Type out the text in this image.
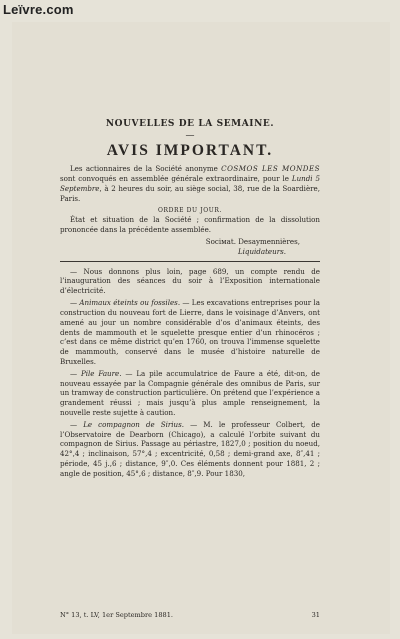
Leïvre.com
NOUVELLES DE LA SEMAINE.
—
AVIS IMPORTANT.

Les actionnaires de la Société anonyme COSMOS LES MONDES sont convoqués en assemblée générale extraordinaire, pour le Lundi 5 Septembre, à 2 heures du soir, au siège social, 38, rue de la Soardière, Paris.

ORDRE DU JOUR.

État et situation de la Société ; confirmation de la dissolution prononcée dans la précédente assemblée.

Sociмat. Desaymennières,
Liquidateurs.

— Nous donnons plus loin, page 689, un compte rendu de l’inauguration des séances du soir à l’Exposition internationale d’électricité.

— Animaux éteints ou fossiles. — Les excavations entreprises pour la construction du nouveau fort de Lierre, dans le voisinage d’Anvers, ont amené au jour un nombre considérable d’os d’animaux éteints, des dents de mammouth et le squelette presque entier d’un rhinocéros ; c’est dans ce même district qu’en 1760, on trouva l’immense squelette de mammouth, conservé dans le musée d’histoire naturelle de Bruxelles.

— Pile Faure. — La pile accumulatrice de Faure a été, dit-on, de nouveau essayée par la Compagnie générale des omnibus de Paris, sur un tramway de construction particulière. On prétend que l’expérience a grandement réussi ; mais jusqu’à plus ample renseignement, la nouvelle reste sujette à caution.

— Le compagnon de Sirius. — M. le professeur Colbert, de l’Observatoire de Dearborn (Chicago), a calculé l’orbite suivant du compagnon de Sirius. Passage au périastre, 1827,0 ; position du noeud, 42°,4 ; inclinaison, 57°,4 ; excentricité, 0,58 ; demi-grand axe, 8″,41 ; période, 45 j.,6 ; distance, 9″,0. Ces éléments donnent pour 1881, 2 ; angle de position, 45°,6 ; distance, 8″,9. Pour 1830,

N° 13, t. LV, 1er Septembre 1881.	31
